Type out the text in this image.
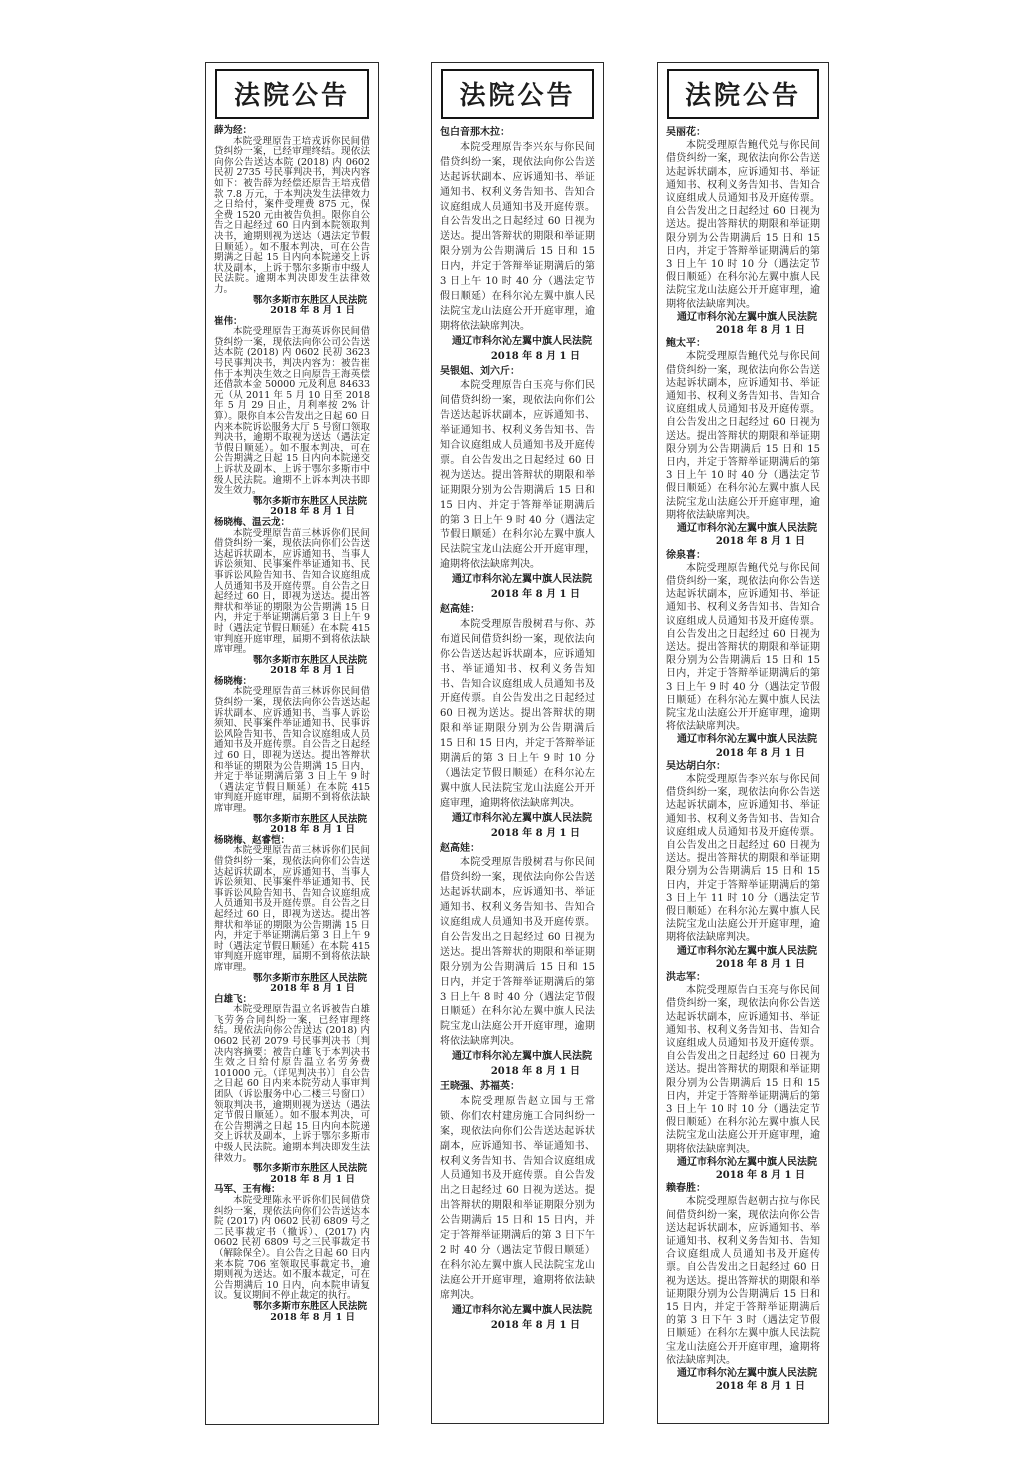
法院公告
薛为经：
本院受理原告王培戎诉你民间借贷纠纷一案，已经审理终结。现依法向你公告送达本院 (2018) 内 0602 民初 2735 号民事判决书，判决内容如下：被告薛为经偿还原告王培戎借款 7.8 万元，于本判决发生法律效力之日给付，案件受理费 875 元，保全费 1520 元由被告负担。限你自公告之日起经过 60 日内到本院领取判决书，逾期则视为送达（遇法定节假日顺延）。如不服本判决，可在公告期满之日起 15 日内向本院递交上诉状及副本，上诉于鄂尔多斯市中级人民法院。逾期本判决即发生法律效力。
鄂尔多斯市东胜区人民法院
2018 年 8 月 1 日
崔伟：
本院受理原告王海英诉你民间借贷纠纷一案，现依法向你公司公告送达本院 (2018) 内 0602 民初 3623 号民事判决书，判决内容为：被告崔伟于本判决生效之日向原告王海英偿还借款本金 50000 元及利息 84633 元（从 2011 年 5 月 10 日至 2018 年 5 月 29 日止，月利率按 2% 计算）。限你自本公告发出之日起 60 日内来本院诉讼服务大厅 5 号窗口领取判决书，逾期不取视为送达（遇法定节假日顺延）。如不服本判决，可在公告期满之日起 15 日内向本院递交上诉状及副本、上诉于鄂尔多斯市中级人民法院。逾期不上诉本判决书即发生效力。
鄂尔多斯市东胜区人民法院
2018 年 8 月 1 日
杨晓梅、温云龙：
本院受理原告苗三林诉你们民间借贷纠纷一案，现依法向你们公告送达起诉状副本，应诉通知书、当事人诉讼须知、民事案件举证通知书、民事诉讼风险告知书、告知合议庭组成人员通知书及开庭传票。自公告之日起经过 60 日，即视为送达。提出答辩状和举证的期限为公告期满 15 日内，并定于举证期满后第 3 日上午 9 时（遇法定节假日顺延）在本院 415 审判庭开庭审理，届期不到将依法缺席审理。
鄂尔多斯市东胜区人民法院
2018 年 8 月 1 日
杨晓梅：
本院受理原告苗三林诉你民间借贷纠纷一案，现依法向你公告送达起诉状副本、应诉通知书、当事人诉讼须知、民事案件举证通知书、民事诉讼风险告知书、告知合议庭组成人员通知书及开庭传票。自公告之日起经过 60 日，即视为送达。提出答辩状和举证的期限为公告期满 15 日内，并定于举证期满后第 3 日上午 9 时（遇法定节假日顺延）在本院 415 审判庭开庭审理，届期不到将依法缺席审理。
鄂尔多斯市东胜区人民法院
2018 年 8 月 1 日
杨晓梅、赵睿恺：
本院受理原告苗三林诉你们民间借贷纠纷一案，现依法向你们公告送达起诉状副本，应诉通知书、当事人诉讼须知、民事案件举证通知书、民事诉讼风险告知书、告知合议庭组成人员通知书及开庭传票。自公告之日起经过 60 日，即视为送达。提出答辩状和举证的期限为公告期满 15 日内，并定于举证期满后第 3 日上午 9 时（遇法定节假日顺延）在本院 415 审判庭开庭审理，届期不到将依法缺席审理。
鄂尔多斯市东胜区人民法院
2018 年 8 月 1 日
白雄飞：
本院受理原告温立名诉被告白雄飞劳务合同纠纷一案，已经审理终结。现依法向你公告送达 (2018) 内 0602 民初 2079 号民事判决书〔判决内容摘要：被告白雄飞于本判决书生效之日给付原告温立名劳务费 101000 元。（详见判决书）〕自公告之日起 60 日内来本院劳动人事审判团队（诉讼服务中心二楼三号窗口）领取判决书，逾期则视为送达（遇法定节假日顺延）。如不服本判决，可在公告期满之日起 15 日内向本院递交上诉状及副本，上诉于鄂尔多斯市中级人民法院。逾期本判决即发生法律效力。
鄂尔多斯市东胜区人民法院
2018 年 8 月 1 日
马军、王有梅：
本院受理陈永平诉你们民间借贷纠纷一案，现依法向你们公告送达本院 (2017) 内 0602 民初 6809 号之二民事裁定书（撤诉）、(2017) 内 0602 民初 6809 号之三民事裁定书（解除保全）。自公告之日起 60 日内来本院 706 室领取民事裁定书，逾期则视为送达。如不服本裁定，可在公告期满后 10 日内，向本院申请复议。复议期间不停止裁定的执行。
鄂尔多斯市东胜区人民法院
2018 年 8 月 1 日
法院公告
包白音那木拉：
本院受理原告李兴东与你民间借贷纠纷一案，现依法向你公告送达起诉状副本、应诉通知书、举证通知书、权利义务告知书、告知合议庭组成人员通知书及开庭传票。自公告发出之日起经过 60 日视为送达。提出答辩状的期限和举证期限分别为公告期满后 15 日和 15 日内，并定于答辩举证期满后的第 3 日上午 10 时 40 分（遇法定节假日顺延）在科尔沁左翼中旗人民法院宝龙山法庭公开开庭审理，逾期将依法缺席判决。
通辽市科尔沁左翼中旗人民法院
2018 年 8 月 1 日
吴银姐、刘六斤：
本院受理原告白玉亮与你们民间借贷纠纷一案，现依法向你们公告送达起诉状副本，应诉通知书、举证通知书、权利义务告知书、告知合议庭组成人员通知书及开庭传票。自公告发出之日起经过 60 日视为送达。提出答辩状的期限和举证期限分别为公告期满后 15 日和 15 日内、并定于答辩举证期满后的第 3 日上午 9 时 40 分（遇法定节假日顺延）在科尔沁左翼中旗人民法院宝龙山法庭公开开庭审理，逾期将依法缺席判决。
通辽市科尔沁左翼中旗人民法院
2018 年 8 月 1 日
赵高娃：
本院受理原告殷树君与你、苏布道民间借贷纠纷一案，现依法向你公告送达起诉状副本，应诉通知书、举证通知书、权利义务告知书、告知合议庭组成人员通知书及开庭传票。自公告发出之日起经过 60 日视为送达。提出答辩状的期限和举证期限分别为公告期满后 15 日和 15 日内，并定于答辩举证期满后的第 3 日上午 9 时 10 分（遇法定节假日顺延）在科尔沁左翼中旗人民法院宝龙山法庭公开开庭审理，逾期将依法缺席判决。
通辽市科尔沁左翼中旗人民法院
2018 年 8 月 1 日
赵高娃：
本院受理原告殷树君与你民间借贷纠纷一案，现依法向你公告送达起诉状副本，应诉通知书、举证通知书、权利义务告知书、告知合议庭组成人员通知书及开庭传票。自公告发出之日起经过 60 日视为送达。提出答辩状的期限和举证期限分别为公告期满后 15 日和 15 日内，并定于答辩举证期满后的第 3 日上午 8 时 40 分（遇法定节假日顺延）在科尔沁左翼中旗人民法院宝龙山法庭公开开庭审理，逾期将依法缺席判决。
通辽市科尔沁左翼中旗人民法院
2018 年 8 月 1 日
王晓强、苏福英：
本院受理原告赵立国与王常锁、你们农村建房施工合同纠纷一案，现依法向你们公告送达起诉状副本，应诉通知书、举证通知书、权利义务告知书、告知合议庭组成人员通知书及开庭传票。自公告发出之日起经过 60 日视为送达。提出答辩状的期限和举证期限分别为公告期满后 15 日和 15 日内，并定于答辩举证期满后的第 3 日下午 2 时 40 分（遇法定节假日顺延）在科尔沁左翼中旗人民法院宝龙山法庭公开开庭审理，逾期将依法缺席判决。
通辽市科尔沁左翼中旗人民法院
2018 年 8 月 1 日
法院公告
吴丽花：
本院受理原告鲍代兑与你民间借贷纠纷一案，现依法向你公告送达起诉状副本，应诉通知书、举证通知书、权利义务告知书、告知合议庭组成人员通知书及开庭传票。自公告发出之日起经过 60 日视为送达。提出答辩状的期限和举证期限分别为公告期满后 15 日和 15 日内，并定于答辩举证期满后的第 3 日上午 10 时 10 分（遇法定节假日顺延）在科尔沁左翼中旗人民法院宝龙山法庭公开开庭审理，逾期将依法缺席判决。
通辽市科尔沁左翼中旗人民法院
2018 年 8 月 1 日
鲍太平：
本院受理原告鲍代兑与你民间借贷纠纷一案，现依法向你公告送达起诉状副本，应诉通知书、举证通知书、权利义务告知书、告知合议庭组成人员通知书及开庭传票。自公告发出之日起经过 60 日视为送达。提出答辩状的期限和举证期限分别为公告期满后 15 日和 15 日内，并定于答辩举证期满后的第 3 日上午 10 时 40 分（遇法定节假日顺延）在科尔沁左翼中旗人民法院宝龙山法庭公开开庭审理，逾期将依法缺席判决。
通辽市科尔沁左翼中旗人民法院
2018 年 8 月 1 日
徐泉喜：
本院受理原告鲍代兑与你民间借贷纠纷一案，现依法向你公告送达起诉状副本，应诉通知书、举证通知书、权利义务告知书、告知合议庭组成人员通知书及开庭传票。自公告发出之日起经过 60 日视为送达。提出答辩状的期限和举证期限分别为公告期满后 15 日和 15 日内，并定于答辩举证期满后的第 3 日上午 9 时 40 分（遇法定节假日顺延）在科尔沁左翼中旗人民法院宝龙山法庭公开开庭审理，逾期将依法缺席判决。
通辽市科尔沁左翼中旗人民法院
2018 年 8 月 1 日
吴达胡白尔：
本院受理原告李兴东与你民间借贷纠纷一案，现依法向你公告送达起诉状副本，应诉通知书、举证通知书、权利义务告知书、告知合议庭组成人员通知书及开庭传票。自公告发出之日起经过 60 日视为送达。提出答辩状的期限和举证期限分别为公告期满后 15 日和 15 日内，并定于答辩举证期满后的第 3 日上午 11 时 10 分（遇法定节假日顺延）在科尔沁左翼中旗人民法院宝龙山法庭公开开庭审理，逾期将依法缺席判决。
通辽市科尔沁左翼中旗人民法院
2018 年 8 月 1 日
洪志军：
本院受理原告白玉亮与你民间借贷纠纷一案，现依法向你公告送达起诉状副本，应诉通知书、举证通知书、权利义务告知书、告知合议庭组成人员通知书及开庭传票。自公告发出之日起经过 60 日视为送达。提出答辩状的期限和举证期限分别为公告期满后 15 日和 15 日内，并定于答辩举证期满后的第 3 日上午 10 时 10 分（遇法定节假日顺延）在科尔沁左翼中旗人民法院宝龙山法庭公开开庭审理，逾期将依法缺席判决。
通辽市科尔沁左翼中旗人民法院
2018 年 8 月 1 日
赖春胜：
本院受理原告赵朝古拉与你民间借贷纠纷一案，现依法向你公告送达起诉状副本，应诉通知书、举证通知书、权利义务告知书、告知合议庭组成人员通知书及开庭传票。自公告发出之日起经过 60 日视为送达。提出答辩状的期限和举证期限分别为公告期满后 15 日和 15 日内，并定于答辩举证期满后的第 3 日下午 3 时（遇法定节假日顺延）在科尔左翼中旗人民法院宝龙山法庭公开开庭审理，逾期将依法缺席判决。
通辽市科尔沁左翼中旗人民法院
2018 年 8 月 1 日
